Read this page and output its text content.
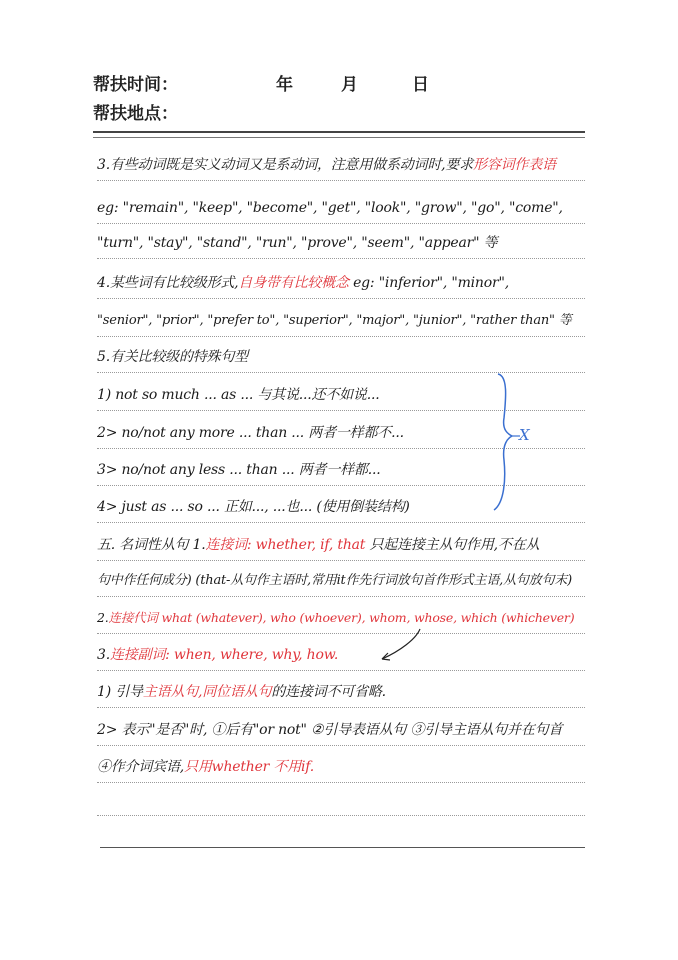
帮扶时间：	年	月	日
帮扶地点：
3.有些动词既是实义动词又是系动词，注意用做系动词时,要求形容词作表语
eg: "remain", "keep", "become", "get", "look", "grow", "go", "come",
"turn", "stay", "stand", "run", "prove", "seem", "appear" 等
4.某些词有比较级形式,自身带有比较概念 eg: "inferior", "minor",
"senior", "prior", "prefer to", "superior", "major", "junior", "rather than" 等
5.有关比较级的特殊句型
1) not so much ... as ... 与其说...还不如说...
2> no/not any more ... than ... 两者一样都不...
3> no/not any less ... than ... 两者一样都...
4> just as ... so ... 正如..., ...也... (使用倒装结构)
五. 名词性从句 1.连接词: whether, if, that 只起连接主从句作用,不在从
句中作任何成分) (that-从句作主语时,常用it作先行词放句首作形式主语,从句放句末)
2.连接代词 what (whatever), who (whoever), whom, whose, which (whichever)
3.连接副词: when, where, why, how.
1) 引导主语从句,同位语从句的连接词不可省略.
2> 表示"是否"时, ①后有"or not" ②引导表语从句 ③引导主语从句并在句首
④作介词宾语,只用whether 不用if.
X
